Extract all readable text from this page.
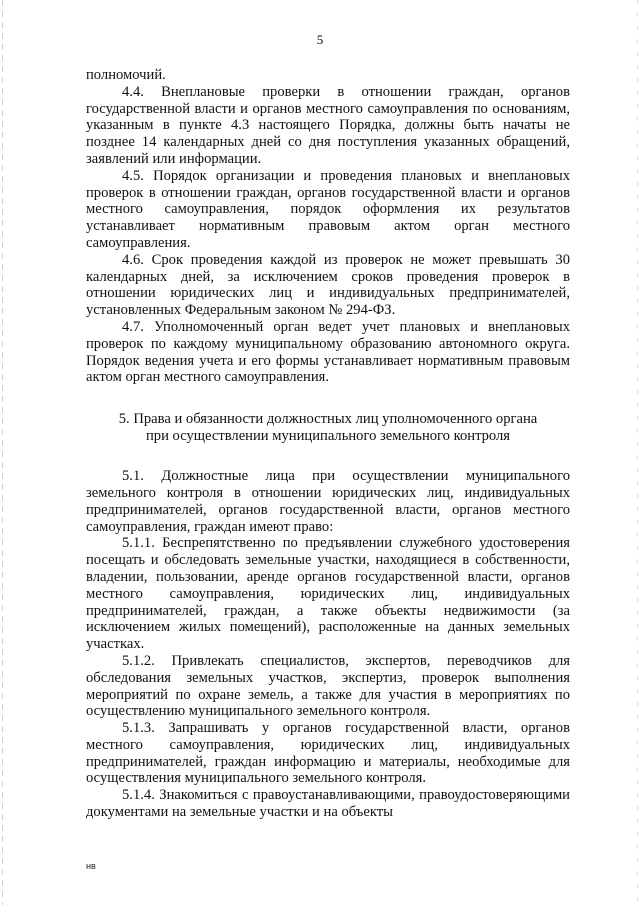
5

полномочий.

4.4. Внеплановые проверки в отношении граждан, органов государственной власти и органов местного самоуправления по основаниям, указанным в пункте 4.3 настоящего Порядка, должны быть начаты не позднее 14 календарных дней со дня поступления указанных обращений, заявлений или информации.

4.5. Порядок организации и проведения плановых и внеплановых проверок в отношении граждан, органов государственной власти и органов местного самоуправления, порядок оформления их результатов устанавливает нормативным правовым актом орган местного самоуправления.

4.6. Срок проведения каждой из проверок не может превышать 30 календарных дней, за исключением сроков проведения проверок в отношении юридических лиц и индивидуальных предпринимателей, установленных Федеральным законом № 294-ФЗ.

4.7. Уполномоченный орган ведет учет плановых и внеплановых проверок по каждому муниципальному образованию автономного округа. Порядок ведения учета и его формы устанавливает нормативным правовым актом орган местного самоуправления.

5. Права и обязанности должностных лиц уполномоченного органа
при осуществлении муниципального земельного контроля

5.1. Должностные лица при осуществлении муниципального земельного контроля в отношении юридических лиц, индивидуальных предпринимателей, органов государственной власти, органов местного самоуправления, граждан имеют право:

5.1.1. Беспрепятственно по предъявлении служебного удостоверения посещать и обследовать земельные участки, находящиеся в собственности, владении, пользовании, аренде органов государственной власти, органов местного самоуправления, юридических лиц, индивидуальных предпринимателей, граждан, а также объекты недвижимости (за исключением жилых помещений), расположенные на данных земельных участках.

5.1.2. Привлекать специалистов, экспертов, переводчиков для обследования земельных участков, экспертиз, проверок выполнения мероприятий по охране земель, а также для участия в мероприятиях по осуществлению муниципального земельного контроля.

5.1.3. Запрашивать у органов государственной власти, органов местного самоуправления, юридических лиц, индивидуальных предпринимателей, граждан информацию и материалы, необходимые для осуществления муниципального земельного контроля.

5.1.4. Знакомиться с правоустанавливающими, правоудостоверяющими документами на земельные участки и на объекты

нв
